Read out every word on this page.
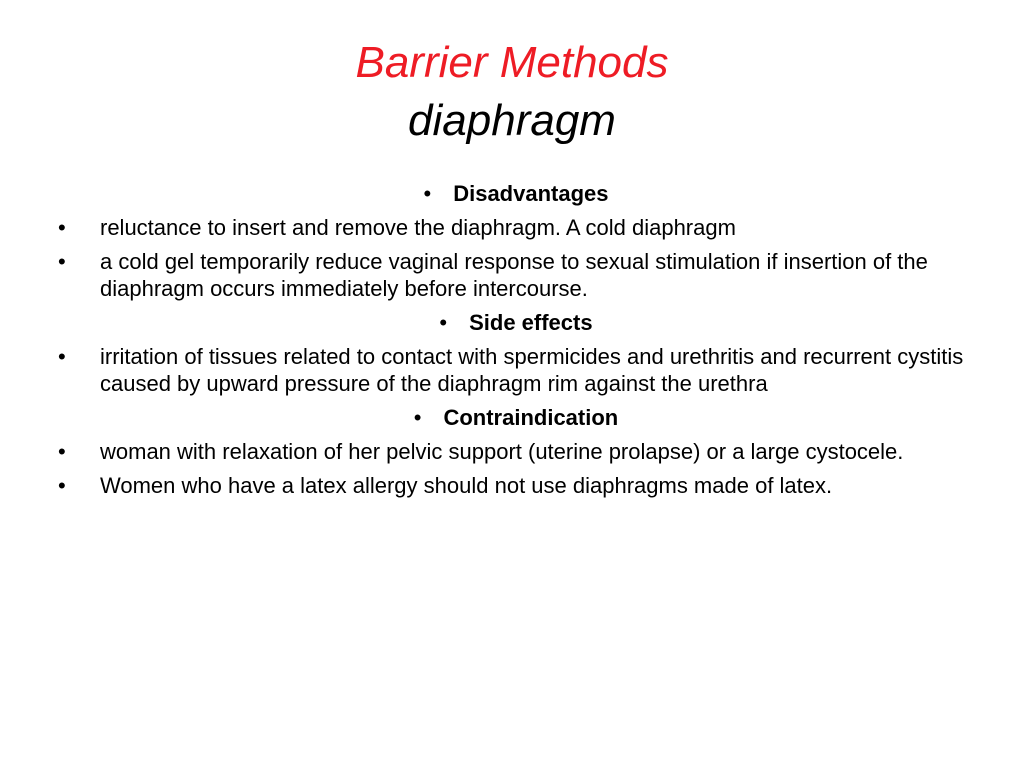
Barrier Methods
diaphragm
• Disadvantages
• reluctance to insert and remove the diaphragm. A cold diaphragm
• a cold gel temporarily reduce vaginal response to sexual stimulation if insertion of the diaphragm occurs immediately before intercourse.
• Side effects
• irritation of tissues related to contact with spermicides and urethritis and recurrent cystitis caused by upward pressure of the diaphragm rim against the urethra
• Contraindication
• woman with relaxation of her pelvic support (uterine prolapse) or a large cystocele.
• Women who have a latex allergy should not use diaphragms made of latex.
